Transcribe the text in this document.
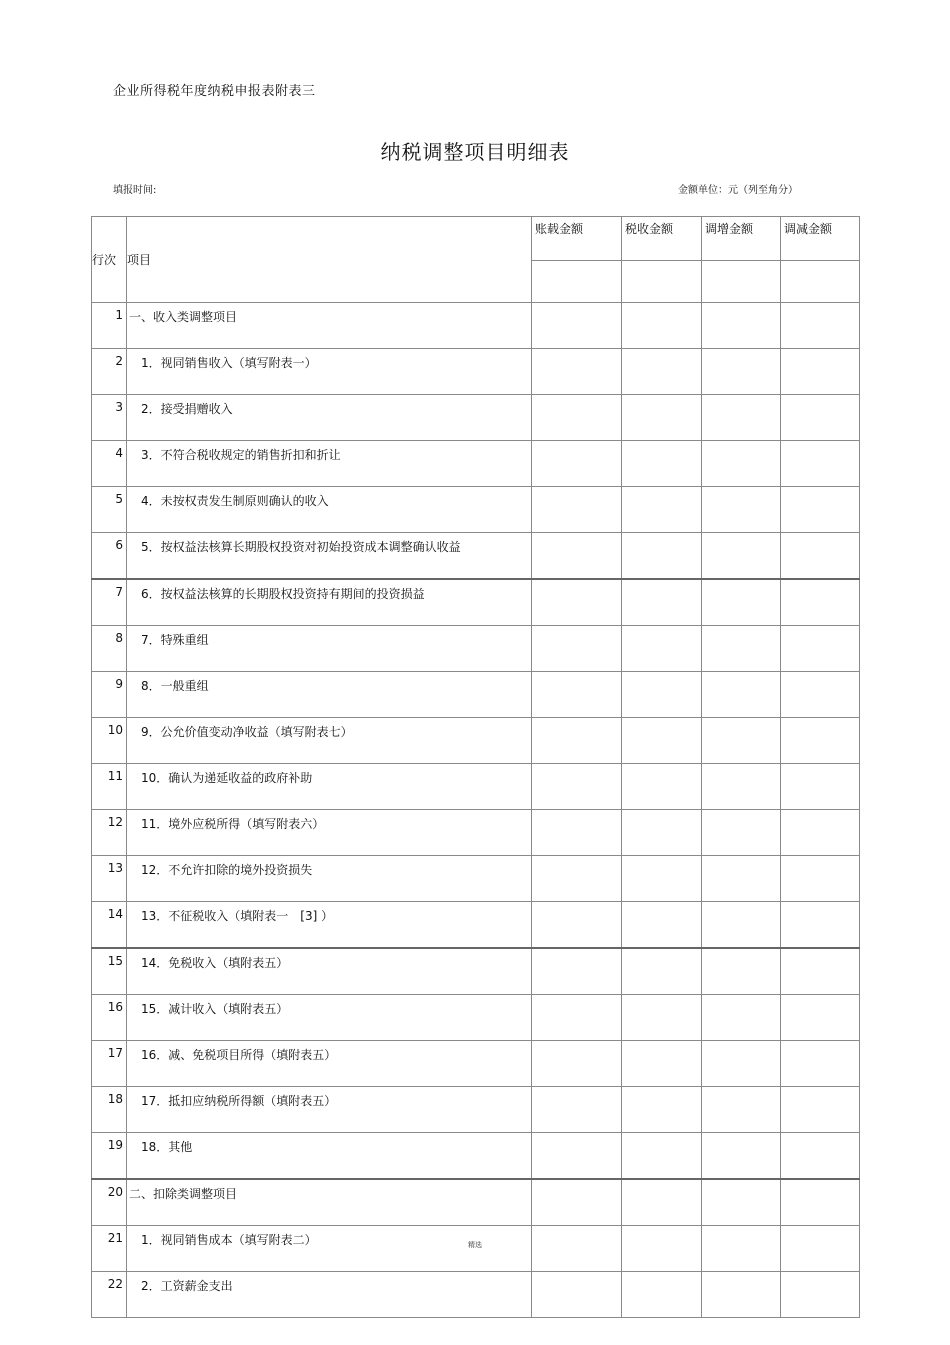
企业所得税年度纳税申报表附表三
纳税调整项目明细表
填报时间:	金额单位：元（列至角分）
行次	项目	账载金额	税收金额	调增金额	调减金额

1	一、收入类调整项目				
2	1．视同销售收入（填写附表一）				
3	2．接受捐赠收入				
4	3．不符合税收规定的销售折扣和折让				
5	4．未按权责发生制原则确认的收入				
6	5．按权益法核算长期股权投资对初始投资成本调整确认收益				
7	6．按权益法核算的长期股权投资持有期间的投资损益				
8	7．特殊重组				
9	8．一般重组				
10	9．公允价值变动净收益（填写附表七）				
11	10．确认为递延收益的政府补助				
12	11．境外应税所得（填写附表六）				
13	12．不允许扣除的境外投资损失				
14	13．不征税收入（填附表一　[3] ）				
15	14．免税收入（填附表五）				
16	15．减计收入（填附表五）				
17	16．减、免税项目所得（填附表五）				
18	17．抵扣应纳税所得额（填附表五）				
19	18．其他				
20	二、扣除类调整项目				
21	1．视同销售成本（填写附表二）				
22	2．工资薪金支出				
精选
